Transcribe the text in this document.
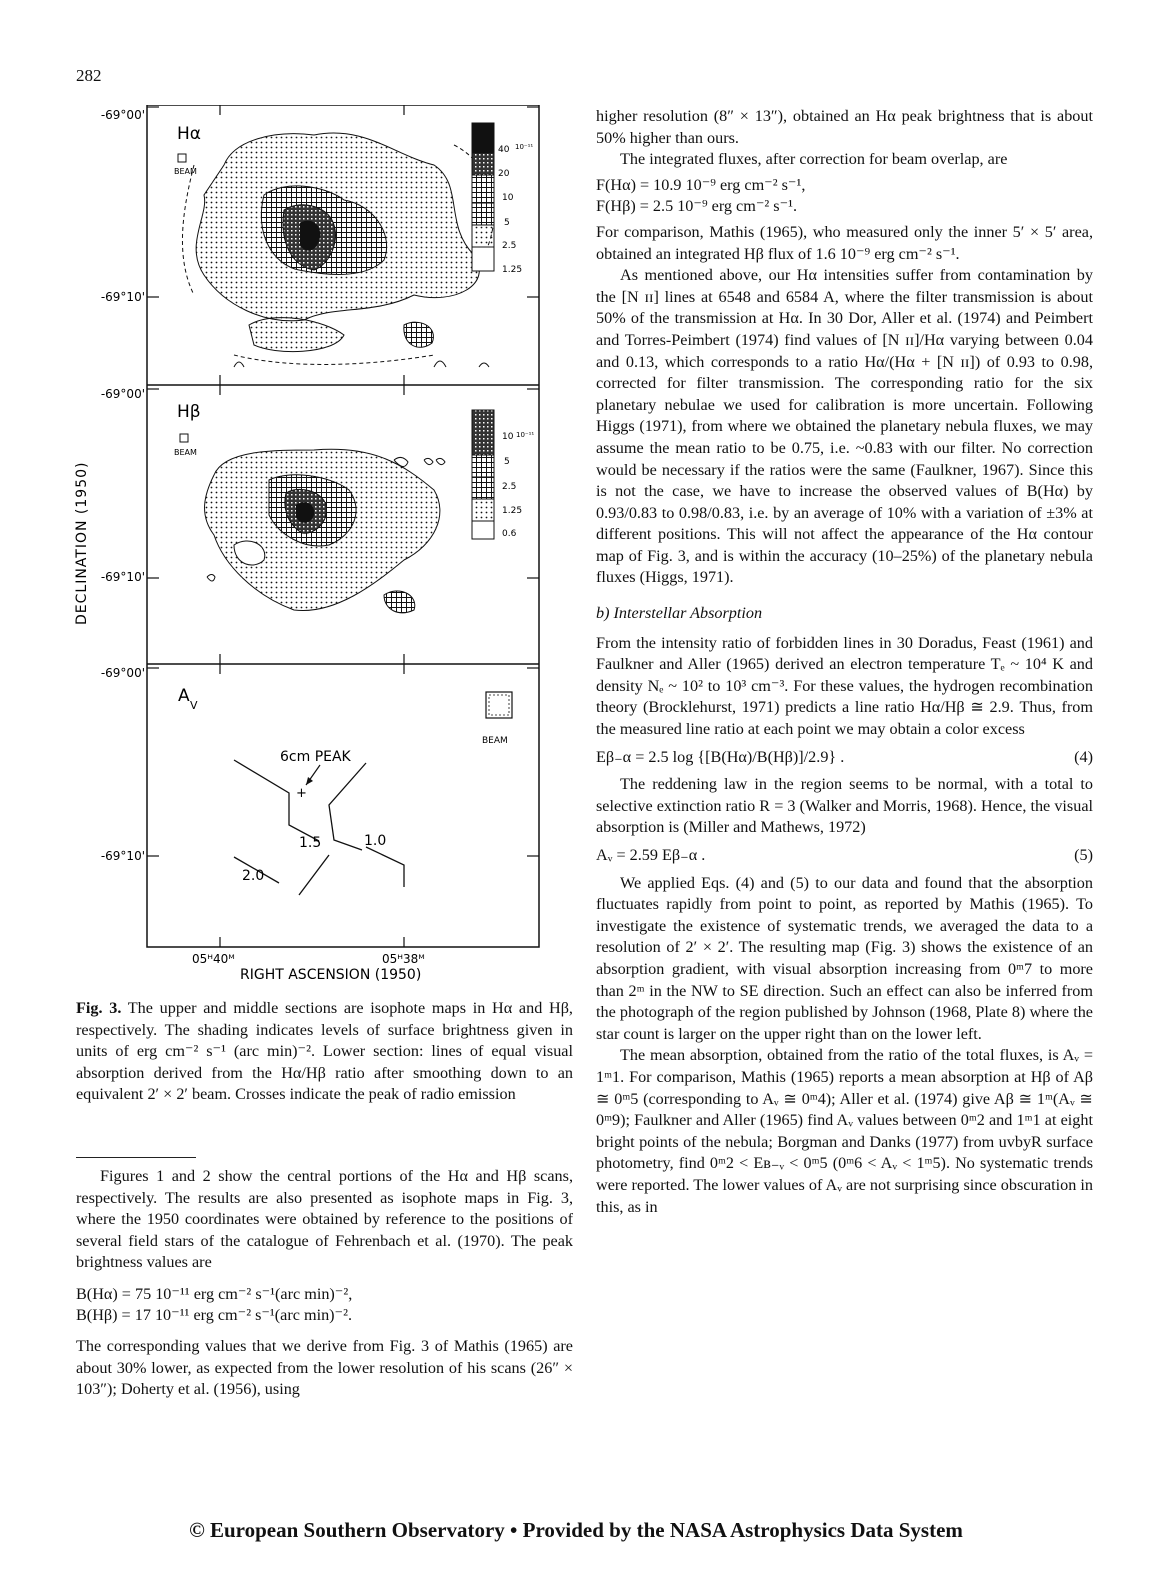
282
Hα
BEAM
40 10⁻¹¹
20
10
5
2.5
1.25
Hβ
BEAM
10 10⁻¹¹
5
2.5
1.25
0.6
A V
BEAM
6cm PEAK
+
1.5	1.0
2.0
-69°00'
-69°10'
-69°00'
-69°10'
-69°00'
-69°10'
DECLINATION (1950)
05ᴴ40ᴹ	05ᴴ38ᴹ
RIGHT ASCENSION (1950)
Fig. 3. The upper and middle sections are isophote maps in Hα and Hβ, respectively. The shading indicates levels of surface brightness given in units of erg cm⁻² s⁻¹ (arc min)⁻². Lower section: lines of equal visual absorption derived from the Hα/Hβ ratio after smoothing down to an equivalent 2′ × 2′ beam. Crosses indicate the peak of radio emission

Figures 1 and 2 show the central portions of the Hα and Hβ scans, respectively. The results are also presented as isophote maps in Fig. 3, where the 1950 coordinates were obtained by reference to the positions of several field stars of the catalogue of Fehrenbach et al. (1970). The peak brightness values are

B(Hα) = 75 10⁻¹¹ erg cm⁻² s⁻¹(arc min)⁻²,
B(Hβ) = 17 10⁻¹¹ erg cm⁻² s⁻¹(arc min)⁻².

The corresponding values that we derive from Fig. 3 of Mathis (1965) are about 30% lower, as expected from the lower resolution of his scans (26″ × 103″); Doherty et al. (1956), using

higher resolution (8″ × 13″), obtained an Hα peak brightness that is about 50% higher than ours.

The integrated fluxes, after correction for beam overlap, are

F(Hα) = 10.9 10⁻⁹ erg cm⁻² s⁻¹,
F(Hβ) = 2.5 10⁻⁹ erg cm⁻² s⁻¹.

For comparison, Mathis (1965), who measured only the inner 5′ × 5′ area, obtained an integrated Hβ flux of 1.6 10⁻⁹ erg cm⁻² s⁻¹.

As mentioned above, our Hα intensities suffer from contamination by the [N ɪɪ] lines at 6548 and 6584 A, where the filter transmission is about 50% of the transmission at Hα. In 30 Dor, Aller et al. (1974) and Peimbert and Torres-Peimbert (1974) find values of [N ɪɪ]/Hα varying between 0.04 and 0.13, which corresponds to a ratio Hα/(Hα + [N ɪɪ]) of 0.93 to 0.98, corrected for filter transmission. The corresponding ratio for the six planetary nebulae we used for calibration is more uncertain. Following Higgs (1971), from where we obtained the planetary nebula fluxes, we may assume the mean ratio to be 0.75, i.e. ~0.83 with our filter. No correction would be necessary if the ratios were the same (Faulkner, 1967). Since this is not the case, we have to increase the observed values of B(Hα) by 0.93/0.83 to 0.98/0.83, i.e. by an average of 10% with a variation of ±3% at different positions. This will not affect the appearance of the Hα contour map of Fig. 3, and is within the accuracy (10–25%) of the planetary nebula fluxes (Higgs, 1971).

b) Interstellar Absorption

From the intensity ratio of forbidden lines in 30 Doradus, Feast (1961) and Faulkner and Aller (1965) derived an electron temperature Tₑ ~ 10⁴ K and density Nₑ ~ 10² to 10³ cm⁻³. For these values, the hydrogen recombination theory (Brocklehurst, 1971) predicts a line ratio Hα/Hβ ≅ 2.9. Thus, from the measured line ratio at each point we may obtain a color excess

Eβ₋α = 2.5 log {[B(Hα)/B(Hβ)]/2.9} .	(4)

The reddening law in the region seems to be normal, with a total to selective extinction ratio R = 3 (Walker and Morris, 1968). Hence, the visual absorption is (Miller and Mathews, 1972)

Aᵥ = 2.59 Eβ₋α .	(5)

We applied Eqs. (4) and (5) to our data and found that the absorption fluctuates rapidly from point to point, as reported by Mathis (1965). To investigate the existence of systematic trends, we averaged the data to a resolution of 2′ × 2′. The resulting map (Fig. 3) shows the existence of an absorption gradient, with visual absorption increasing from 0ᵐ7 to more than 2ᵐ in the NW to SE direction. Such an effect can also be inferred from the photograph of the region published by Johnson (1968, Plate 8) where the star count is larger on the upper right than on the lower left.

The mean absorption, obtained from the ratio of the total fluxes, is Aᵥ = 1ᵐ1. For comparison, Mathis (1965) reports a mean absorption at Hβ of Aβ ≅ 0ᵐ5 (corresponding to Aᵥ ≅ 0ᵐ4); Aller et al. (1974) give Aβ ≅ 1ᵐ(Aᵥ ≅ 0ᵐ9); Faulkner and Aller (1965) find Aᵥ values between 0ᵐ2 and 1ᵐ1 at eight bright points of the nebula; Borgman and Danks (1977) from uvbyR surface photometry, find 0ᵐ2 < Eʙ₋ᵥ < 0ᵐ5 (0ᵐ6 < Aᵥ < 1ᵐ5). No systematic trends were reported. The lower values of Aᵥ are not surprising since obscuration in this, as in

© European Southern Observatory • Provided by the NASA Astrophysics Data System
